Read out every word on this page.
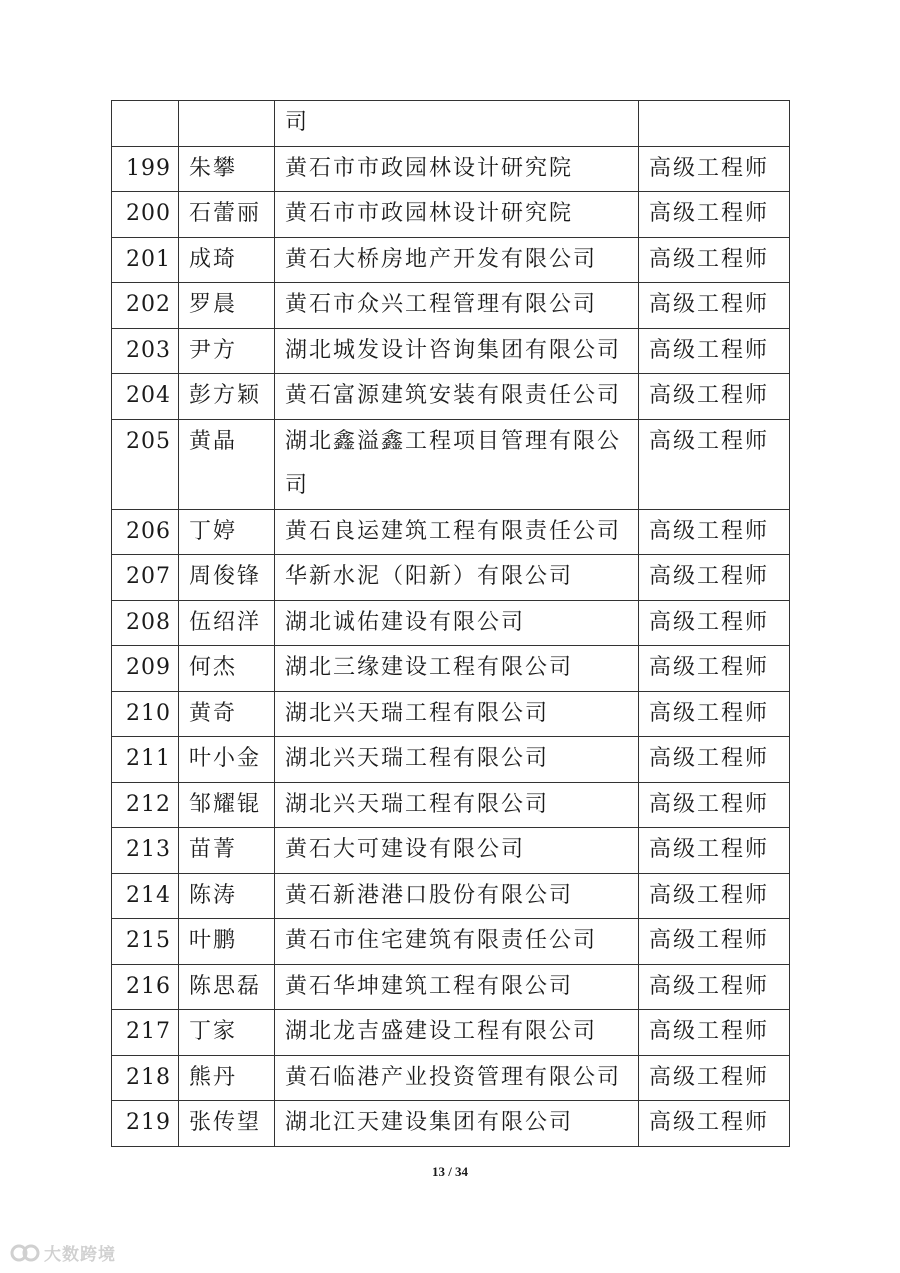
		司	
199	朱攀	黄石市市政园林设计研究院	高级工程师
200	石蕾丽	黄石市市政园林设计研究院	高级工程师
201	成琦	黄石大桥房地产开发有限公司	高级工程师
202	罗晨	黄石市众兴工程管理有限公司	高级工程师
203	尹方	湖北城发设计咨询集团有限公司	高级工程师
204	彭方颖	黄石富源建筑安装有限责任公司	高级工程师
205	黄晶	湖北鑫溢鑫工程项目管理有限公司	高级工程师
206	丁婷	黄石良运建筑工程有限责任公司	高级工程师
207	周俊锋	华新水泥（阳新）有限公司	高级工程师
208	伍绍洋	湖北诚佑建设有限公司	高级工程师
209	何杰	湖北三缘建设工程有限公司	高级工程师
210	黄奇	湖北兴天瑞工程有限公司	高级工程师
211	叶小金	湖北兴天瑞工程有限公司	高级工程师
212	邹耀锟	湖北兴天瑞工程有限公司	高级工程师
213	苗菁	黄石大可建设有限公司	高级工程师
214	陈涛	黄石新港港口股份有限公司	高级工程师
215	叶鹏	黄石市住宅建筑有限责任公司	高级工程师
216	陈思磊	黄石华坤建筑工程有限公司	高级工程师
217	丁家	湖北龙吉盛建设工程有限公司	高级工程师
218	熊丹	黄石临港产业投资管理有限公司	高级工程师
219	张传望	湖北江天建设集团有限公司	高级工程师
13 / 34
大数跨境
